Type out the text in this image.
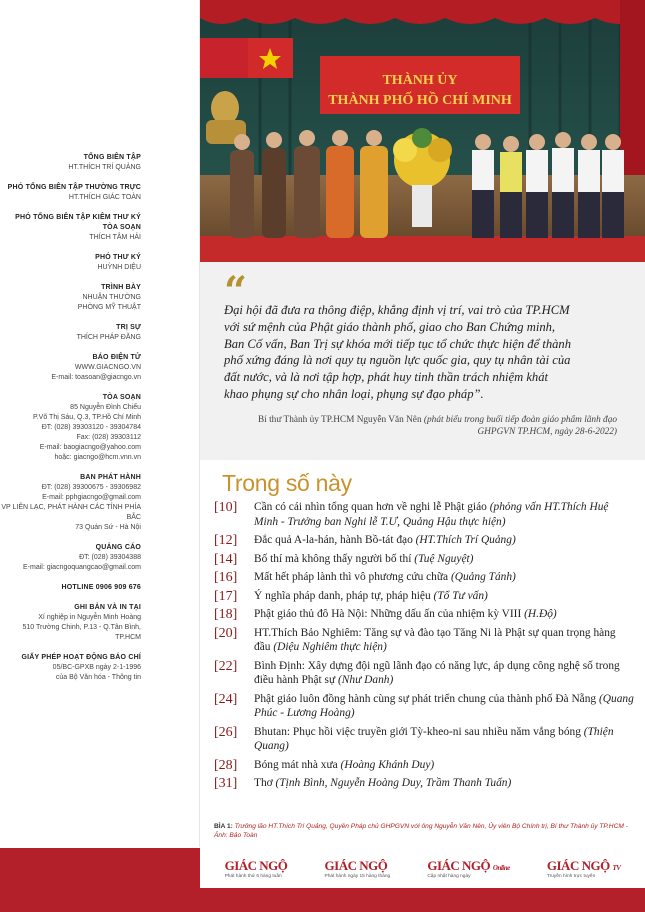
TỔNG BIÊN TẬP
HT.THÍCH TRÍ QUẢNG
PHÓ TỔNG BIÊN TẬP THƯỜNG TRỰC
HT.THÍCH GIÁC TOÀN
PHÓ TỔNG BIÊN TẬP KIÊM THƯ KÝ TÒA SOẠN
THÍCH TÂM HẢI
PHÓ THƯ KÝ
HUỲNH DIỆU
TRÌNH BÀY
NHUẬN THƯỜNG
PHÒNG MỸ THUẬT
TRỊ SỰ
THÍCH PHÁP ĐĂNG
BÁO ĐIỆN TỬ
WWW.GIACNGO.VN
E-mail: toasoan@giacngo.vn
TÒA SOẠN
85 Nguyễn Đình Chiểu
P.Võ Thị Sáu, Q.3, TP.Hồ Chí Minh
ĐT: (028) 39303120 - 39304784
Fax: (028) 39303112
E-mail: baogiacngo@yahoo.com
hoặc: giacngo@hcm.vnn.vn
BAN PHÁT HÀNH
ĐT: (028) 39300675 - 39306982
E-mail: pphgiacngo@gmail.com
VP LIÊN LẠC, PHÁT HÀNH CÁC TỈNH PHÍA BẮC
73 Quán Sứ - Hà Nội
QUẢNG CÁO
ĐT: (028) 39304388
E-mail: giacngoquangcao@gmail.com
HOTLINE 0906 909 676
GHI BẢN VÀ IN TẠI
Xí nghiệp in Nguyễn Minh Hoàng
510 Trường Chinh, P.13 - Q.Tân Bình, TP.HCM
GIẤY PHÉP HOẠT ĐỘNG BÁO CHÍ
05/BC-GPXB ngày 2-1-1996
của Bộ Văn hóa - Thông tin
THÀNH ỦY
THÀNH PHỐ HỒ CHÍ MINH
“
Đại hội đã đưa ra thông điệp, khẳng định vị trí, vai trò của TP.HCM với sứ mệnh của Phật giáo thành phố, giao cho Ban Chứng minh, Ban Cố vấn, Ban Trị sự khóa mới tiếp tục tổ chức thực hiện để thành phố xứng đáng là nơi quy tụ nguồn lực quốc gia, quy tụ nhân tài của đất nước, và là nơi tập hợp, phát huy tinh thần trách nhiệm khát khao phụng sự cho nhân loại, phụng sự đạo pháp”.
Bí thư Thành ủy TP.HCM Nguyễn Văn Nên (phát biểu trong buổi tiếp đoàn giáo phẩm lãnh đạo GHPGVN TP.HCM, ngày 28-6-2022)
Trong số này
[10] Cần có cái nhìn tổng quan hơn về nghi lễ Phật giáo (phỏng vấn HT.Thích Huệ Minh - Trưởng ban Nghi lễ T.Ư, Quảng Hậu thực hiện)
[12] Đắc quả A-la-hán, hành Bồ-tát đạo (HT.Thích Trí Quảng)
[14] Bố thí mà không thấy người bố thí (Tuệ Nguyệt)
[16] Mất hết pháp lành thì vô phương cứu chữa (Quảng Tánh)
[17] Ý nghĩa pháp danh, pháp tự, pháp hiệu (Tổ Tư vấn)
[18] Phật giáo thủ đô Hà Nội: Những dấu ấn của nhiệm kỳ VIII (H.Độ)
[20] HT.Thích Bảo Nghiêm: Tăng sự và đào tạo Tăng Ni là Phật sự quan trọng hàng đầu (Diệu Nghiêm thực hiện)
[22] Bình Định: Xây dựng đội ngũ lãnh đạo có năng lực, áp dụng công nghệ số trong điều hành Phật sự (Như Danh)
[24] Phật giáo luôn đồng hành cùng sự phát triển chung của thành phố Đà Nẵng (Quang Phúc - Lương Hoàng)
[26] Bhutan: Phục hồi việc truyền giới Tỳ-kheo-ni sau nhiều năm vắng bóng (Thiện Quang)
[28] Bóng mát nhà xưa (Hoàng Khánh Duy)
[31] Thơ (Tịnh Bình, Nguyễn Hoàng Duy, Trầm Thanh Tuấn)
BÌA 1: Trưởng lão HT.Thích Trí Quảng, Quyền Pháp chủ GHPGVN với ông Nguyễn Văn Nên, Ủy viên Bộ Chính trị, Bí thư Thành ủy TP.HCM - Ảnh: Bảo Toàn
GIÁC NGỘ
Phát hành thứ 6 hàng tuần
GIÁC NGỘ
Phát hành ngày 15 hàng tháng
GIÁC NGỘ Online
Cập nhật hàng ngày
GIÁC NGỘ TV
Truyền hình trực tuyến
